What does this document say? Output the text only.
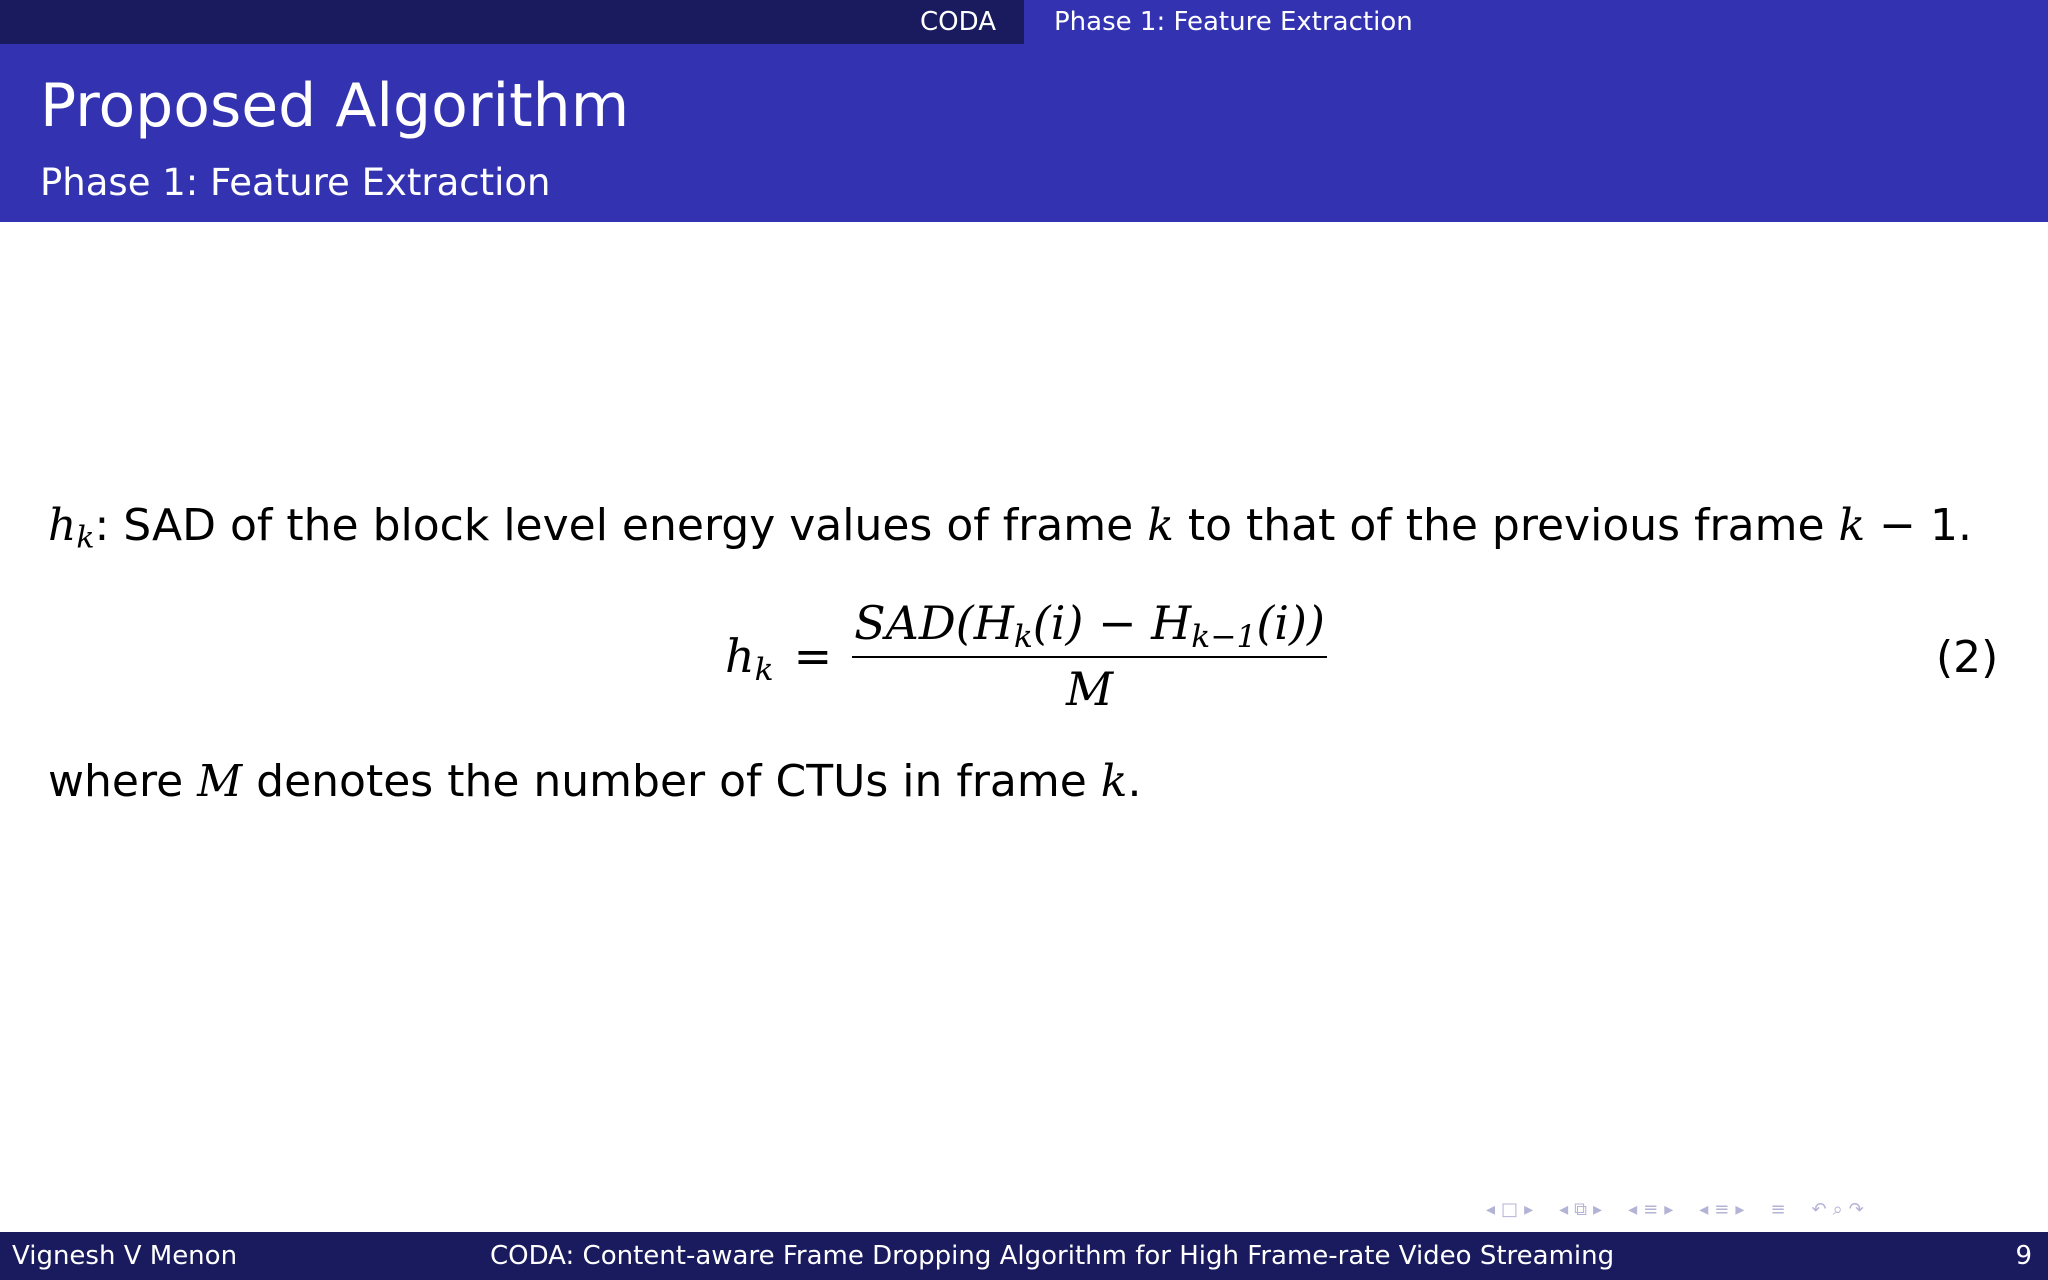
CODA	Phase 1: Feature Extraction
Proposed Algorithm
Phase 1: Feature Extraction
$h_k$: SAD of the block level energy values of frame k to that of the previous frame k − 1.
$h_k = \frac{SAD(H_k(i) - H_{k-1}(i))}{M}$	(2)
where M denotes the number of CTUs in frame k.
◂ □ ▸ ◂ ⧉ ▸ ◂ ≡ ▸ ◂ ≡ ▸ ≡ ↶ ⌕ ↷
Vignesh V Menon	CODA: Content-aware Frame Dropping Algorithm for High Frame-rate Video Streaming	9
